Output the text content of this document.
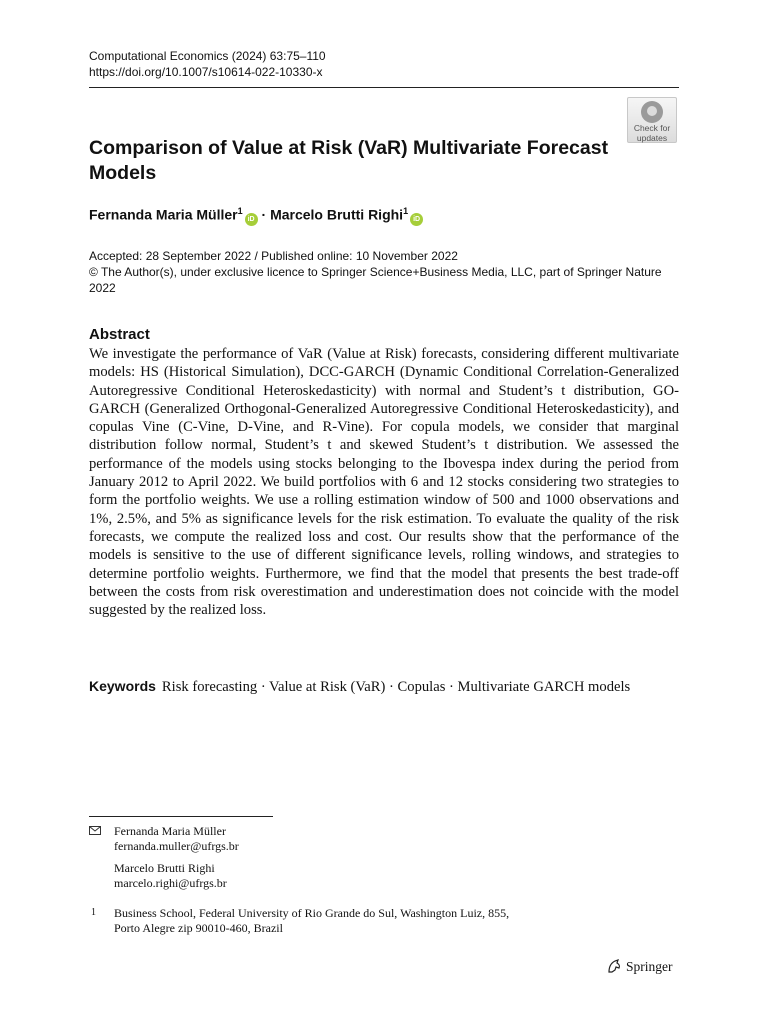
Computational Economics (2024) 63:75–110
https://doi.org/10.1007/s10614-022-10330-x
Check for
updates
Comparison of Value at Risk (VaR) Multivariate Forecast Models
Fernanda Maria Müller$^1$iD · Marcelo Brutti Righi$^1$iD
Accepted: 28 September 2022 / Published online: 10 November 2022
© The Author(s), under exclusive licence to Springer Science+Business Media, LLC, part of Springer Nature 2022
Abstract

We investigate the performance of VaR (Value at Risk) forecasts, considering different multivariate models: HS (Historical Simulation), DCC-GARCH (Dynamic Conditional Correlation-Generalized Autoregressive Conditional Heteroskedasticity) with normal and Student’s t distribution, GO-GARCH (Generalized Orthogonal-Generalized Autoregressive Conditional Heteroskedasticity), and copulas Vine (C-Vine, D-Vine, and R-Vine). For copula models, we consider that marginal distribution follow normal, Student’s t and skewed Student’s t distribution. We assessed the performance of the models using stocks belonging to the Ibovespa index during the period from January 2012 to April 2022. We build portfolios with 6 and 12 stocks considering two strategies to form the portfolio weights. We use a rolling estimation window of 500 and 1000 observations and 1%, 2.5%, and 5% as significance levels for the risk estimation. To evaluate the quality of the risk forecasts, we compute the realized loss and cost. Our results show that the performance of the models is sensitive to the use of different significance levels, rolling windows, and strategies to determine portfolio weights. Furthermore, we find that the model that presents the best trade-off between the costs from risk overestimation and underestimation does not coincide with the model suggested by the realized loss.

Keywords Risk forecasting · Value at Risk (VaR) · Copulas · Multivariate GARCH models
Fernanda Maria Müller
fernanda.muller@ufrgs.br
Marcelo Brutti Righi
marcelo.righi@ufrgs.br
1 Business School, Federal University of Rio Grande do Sul, Washington Luiz, 855,
Porto Alegre zip 90010-460, Brazil
Springer
